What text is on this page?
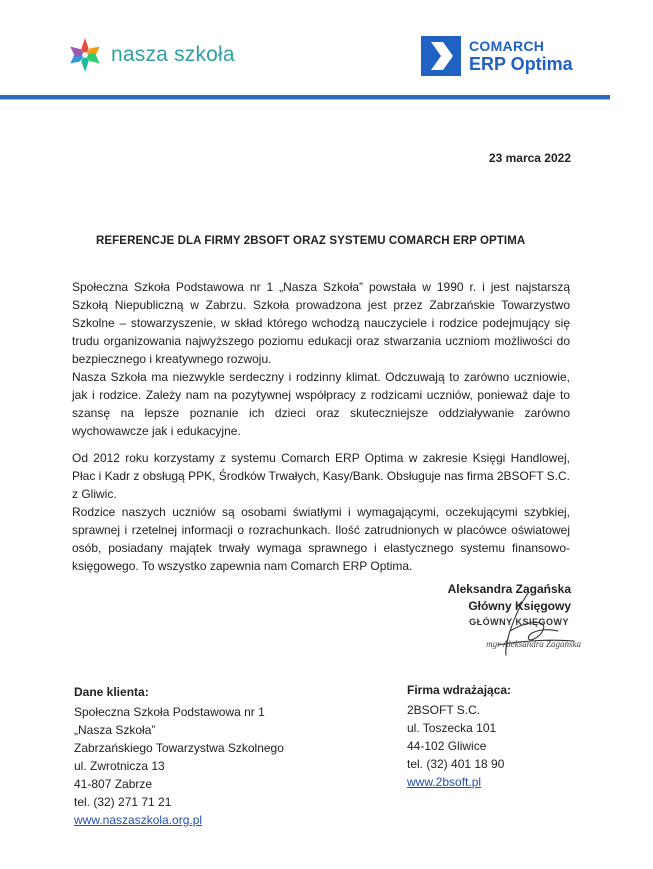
nasza szkoła	COMARCH
ERP Optima
23 marca 2022
REFERENCJE DLA FIRMY 2BSOFT ORAZ SYSTEMU COMARCH ERP OPTIMA

Społeczna Szkoła Podstawowa nr 1 „Nasza Szkoła” powstała w 1990 r. i jest najstarszą Szkołą Niepubliczną w Zabrzu. Szkoła prowadzona jest przez Zabrzańskie Towarzystwo Szkolne – stowarzyszenie, w skład którego wchodzą nauczyciele i rodzice podejmujący się trudu organizowania najwyższego poziomu edukacji oraz stwarzania uczniom możliwości do bezpiecznego i kreatywnego rozwoju.

Nasza Szkoła ma niezwykle serdeczny i rodzinny klimat. Odczuwają to zarówno uczniowie, jak i rodzice. Zależy nam na pozytywnej współpracy z rodzicami uczniów, ponieważ daje to szansę na lepsze poznanie ich dzieci oraz skuteczniejsze oddziaływanie zarówno wychowawcze jak i edukacyjne.

Od 2012 roku korzystamy z systemu Comarch ERP Optima w zakresie Księgi Handlowej, Płac i Kadr z obsługą PPK, Środków Trwałych, Kasy/Bank. Obsługuje nas firma 2BSOFT S.C. z Gliwic.

Rodzice naszych uczniów są osobami światłymi i wymagającymi, oczekującymi szybkiej, sprawnej i rzetelnej informacji o rozrachunkach. Ilość zatrudnionych w placówce oświatowej osób, posiadany majątek trwały wymaga sprawnego i elastycznego systemu finansowo-księgowego. To wszystko zapewnia nam Comarch ERP Optima.

Aleksandra Zagańska
Główny Księgowy
GŁÓWNY KSIĘGOWY
mgr Aleksandra Zagańska
Dane klienta:
Społeczna Szkoła Podstawowa nr 1
„Nasza Szkoła”
Zabrzańskiego Towarzystwa Szkolnego
ul. Zwrotnicza 13
41-807 Zabrze
tel. (32) 271 71 21
www.naszaszkola.org.pl
Firma wdrażająca:
2BSOFT S.C.
ul. Toszecka 101
44-102 Gliwice
tel. (32) 401 18 90
www.2bsoft.pl
